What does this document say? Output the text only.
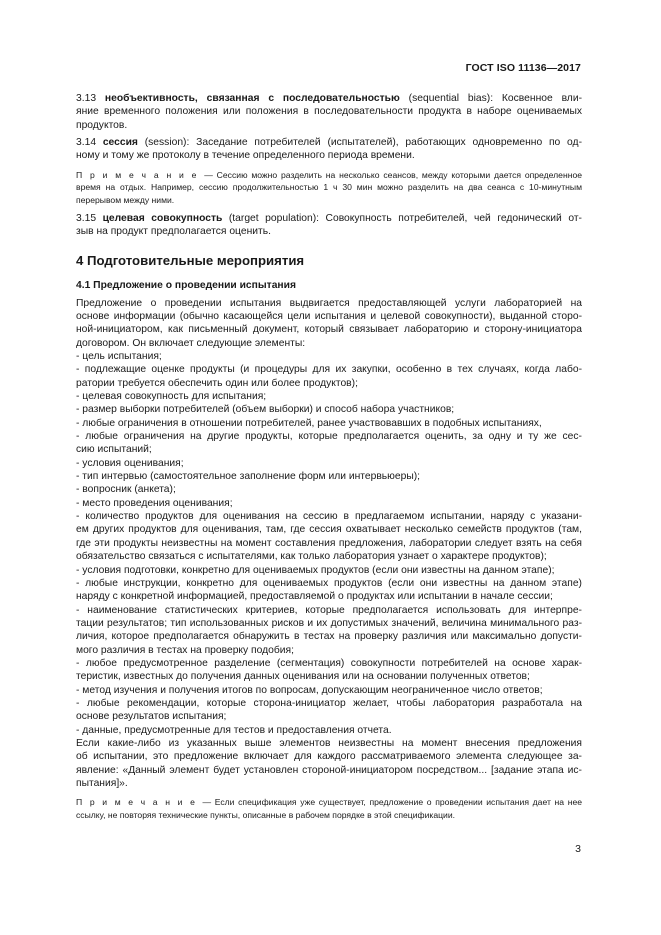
ГОСТ ISO 11136—2017

3.13 необъективность, связанная с последовательностью (sequential bias): Косвенное вли-

яние временного положения или положения в последовательности продукта в наборе оцениваемых

продуктов.

3.14 сессия (session): Заседание потребителей (испытателей), работающих одновременно по од-

ному и тому же протоколу в течение определенного периода времени.

П р и м е ч а н и е — Сессию можно разделить на несколько сеансов, между которыми дается определенное

время на отдых. Например, сессию продолжительностью 1 ч 30 мин можно разделить на два сеанса с 10-минутным

перерывом между ними.

3.15 целевая совокупность (target population): Совокупность потребителей, чей гедонический от-

зыв на продукт предполагается оценить.

4 Подготовительные мероприятия
4.1 Предложение о проведении испытания

Предложение о проведении испытания выдвигается предоставляющей услуги лабораторией на

основе информации (обычно касающейся цели испытания и целевой совокупности), выданной сторо-

ной-инициатором, как письменный документ, который связывает лабораторию и сторону-инициатора

договором. Он включает следующие элементы:

- цель испытания;

- подлежащие оценке продукты (и процедуры для их закупки, особенно в тех случаях, когда лабо-

ратории требуется обеспечить один или более продуктов);

- целевая совокупность для испытания;

- размер выборки потребителей (объем выборки) и способ набора участников;

- любые ограничения в отношении потребителей, ранее участвовавших в подобных испытаниях,

- любые ограничения на другие продукты, которые предполагается оценить, за одну и ту же сес-

сию испытаний;

- условия оценивания;

- тип интервью (самостоятельное заполнение форм или интервьюеры);

- вопросник (анкета);

- место проведения оценивания;

- количество продуктов для оценивания на сессию в предлагаемом испытании, наряду с указани-

ем других продуктов для оценивания, там, где сессия охватывает несколько семейств продуктов (там,

где эти продукты неизвестны на момент составления предложения, лаборатории следует взять на себя

обязательство связаться с испытателями, как только лаборатория узнает о характере продуктов);

- условия подготовки, конкретно для оцениваемых продуктов (если они известны на данном этапе);

- любые инструкции, конкретно для оцениваемых продуктов (если они известны на данном этапе)

наряду с конкретной информацией, предоставляемой о продуктах или испытании в начале сессии;

- наименование статистических критериев, которые предполагается использовать для интерпре-

тации результатов; тип использованных рисков и их допустимых значений, величина минимального раз-

личия, которое предполагается обнаружить в тестах на проверку различия или максимально допусти-

мого различия в тестах на проверку подобия;

- любое предусмотренное разделение (сегментация) совокупности потребителей на основе харак-

теристик, известных до получения данных оценивания или на основании полученных ответов;

- метод изучения и получения итогов по вопросам, допускающим неограниченное число ответов;

- любые рекомендации, которые сторона-инициатор желает, чтобы лаборатория разработала на

основе результатов испытания;

- данные, предусмотренные для тестов и предоставления отчета.

Если какие-либо из указанных выше элементов неизвестны на момент внесения предложения

об испытании, это предложение включает для каждого рассматриваемого элемента следующее за-

явление: «Данный элемент будет установлен стороной-инициатором посредством... [задание этапа ис-

пытания]».

П р и м е ч а н и е — Если спецификация уже существует, предложение о проведении испытания дает на нее

ссылку, не повторяя технические пункты, описанные в рабочем порядке в этой спецификации.

3
